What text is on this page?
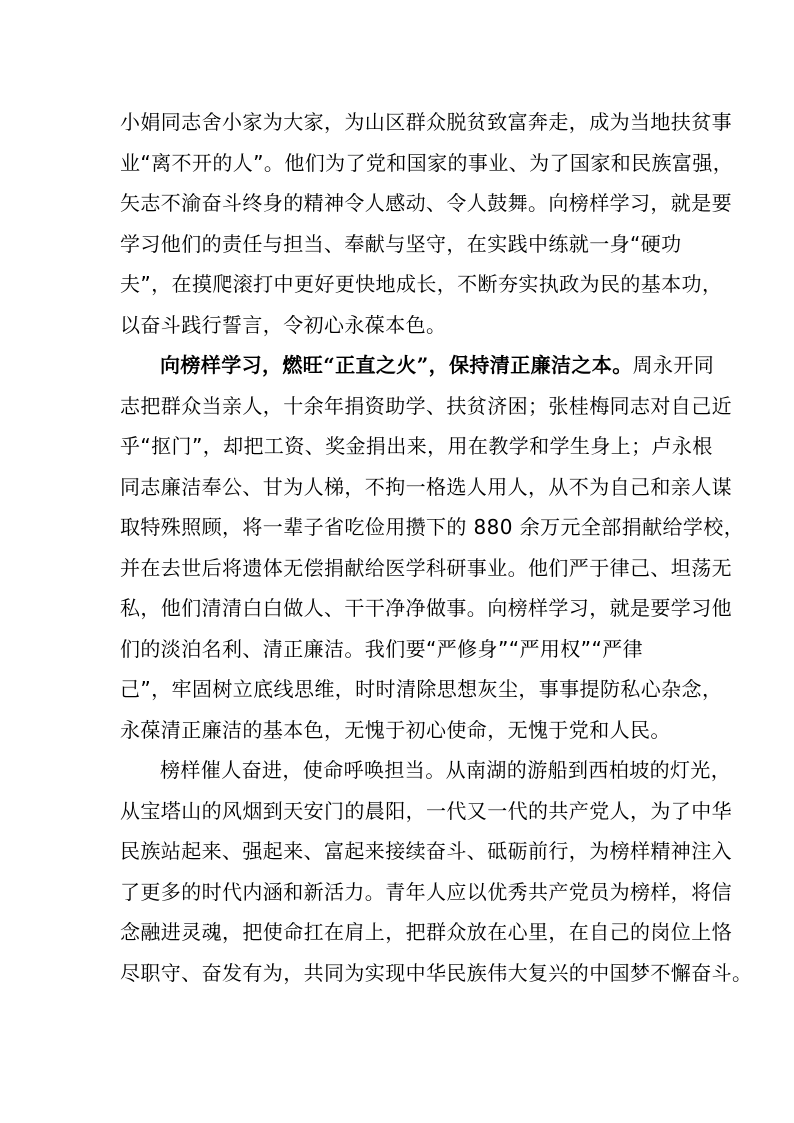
小娟同志舍小家为大家，为山区群众脱贫致富奔走，成为当地扶贫事
业“离不开的人”。他们为了党和国家的事业、为了国家和民族富强，
矢志不渝奋斗终身的精神令人感动、令人鼓舞。向榜样学习，就是要
学习他们的责任与担当、奉献与坚守，在实践中练就一身“硬功
夫”，在摸爬滚打中更好更快地成长，不断夯实执政为民的基本功，
以奋斗践行誓言，令初心永葆本色。
向榜样学习，燃旺“正直之火”，保持清正廉洁之本。周永开同
志把群众当亲人，十余年捐资助学、扶贫济困；张桂梅同志对自己近
乎“抠门”，却把工资、奖金捐出来，用在教学和学生身上；卢永根
同志廉洁奉公、甘为人梯，不拘一格选人用人，从不为自己和亲人谋
取特殊照顾，将一辈子省吃俭用攒下的 880 余万元全部捐献给学校，
并在去世后将遗体无偿捐献给医学科研事业。他们严于律己、坦荡无
私，他们清清白白做人、干干净净做事。向榜样学习，就是要学习他
们的淡泊名利、清正廉洁。我们要“严修身”“严用权”“严律
己”，牢固树立底线思维，时时清除思想灰尘，事事提防私心杂念，
永葆清正廉洁的基本色，无愧于初心使命，无愧于党和人民。
榜样催人奋进，使命呼唤担当。从南湖的游船到西柏坡的灯光，
从宝塔山的风烟到天安门的晨阳，一代又一代的共产党人，为了中华
民族站起来、强起来、富起来接续奋斗、砥砺前行，为榜样精神注入
了更多的时代内涵和新活力。青年人应以优秀共产党员为榜样，将信
念融进灵魂，把使命扛在肩上，把群众放在心里，在自己的岗位上恪
尽职守、奋发有为，共同为实现中华民族伟大复兴的中国梦不懈奋斗。
